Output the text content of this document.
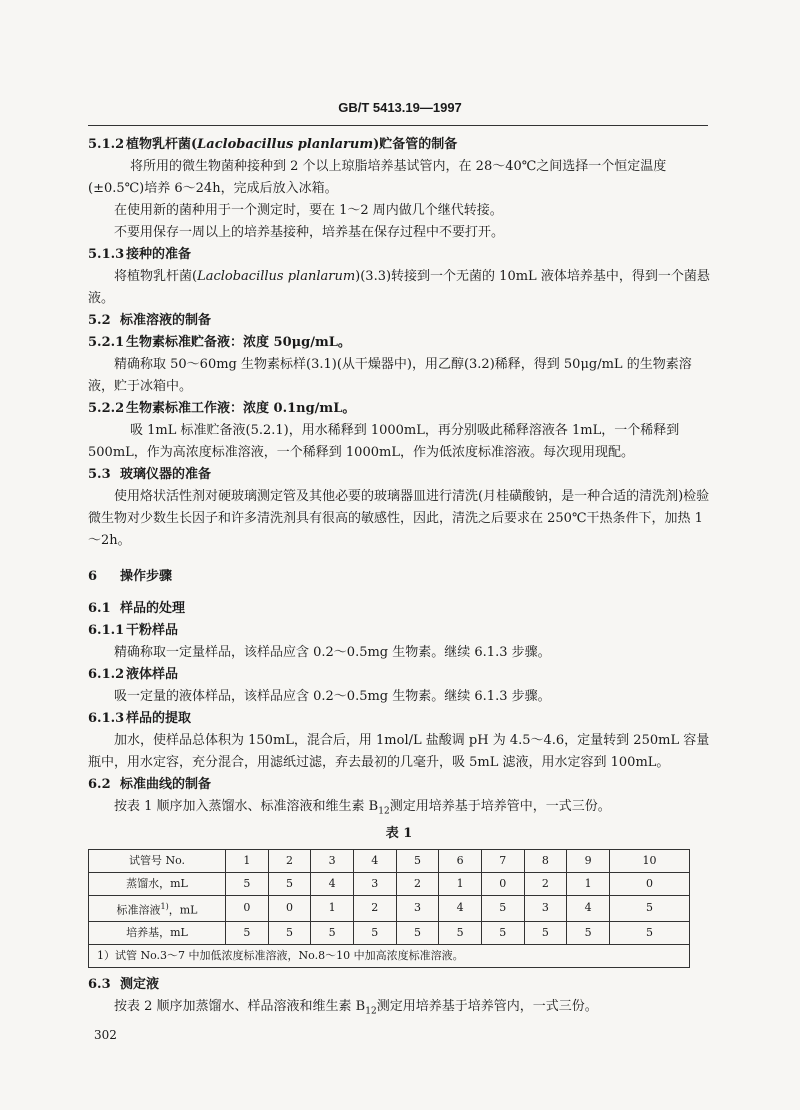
GB/T 5413.19—1997

5.1.2 植物乳杆菌(Laclobacillus planlarum)贮备管的制备

将所用的微生物菌种接种到 2 个以上琼脂培养基试管内，在 28～40℃之间选择一个恒定温度(±0.5℃)培养 6～24h，完成后放入冰箱。

在使用新的菌种用于一个测定时，要在 1～2 周内做几个继代转接。

不要用保存一周以上的培养基接种，培养基在保存过程中不要打开。

5.1.3 接种的准备

将植物乳杆菌(Laclobacillus planlarum)(3.3)转接到一个无菌的 10mL 液体培养基中，得到一个菌悬液。

5.2 标准溶液的制备

5.2.1 生物素标准贮备液：浓度 50μg/mL。

精确称取 50～60mg 生物素标样(3.1)(从干燥器中)，用乙醇(3.2)稀释，得到 50μg/mL 的生物素溶液，贮于冰箱中。

5.2.2 生物素标准工作液：浓度 0.1ng/mL。

吸 1mL 标准贮备液(5.2.1)，用水稀释到 1000mL，再分别吸此稀释溶液各 1mL，一个稀释到 500mL，作为高浓度标准溶液，一个稀释到 1000mL，作为低浓度标准溶液。每次现用现配。

5.3 玻璃仪器的准备

使用烙状活性剂对硬玻璃测定管及其他必要的玻璃器皿进行清洗(月桂磺酸钠，是一种合适的清洗剂)检验微生物对少数生长因子和许多清洗剂具有很高的敏感性，因此，清洗之后要求在 250℃干热条件下，加热 1～2h。

6 操作步骤

6.1 样品的处理

6.1.1 干粉样品

精确称取一定量样品，该样品应含 0.2～0.5mg 生物素。继续 6.1.3 步骤。

6.1.2 液体样品

吸一定量的液体样品，该样品应含 0.2～0.5mg 生物素。继续 6.1.3 步骤。

6.1.3 样品的提取

加水，使样品总体积为 150mL，混合后，用 1mol/L 盐酸调 pH 为 4.5～4.6，定量转到 250mL 容量瓶中，用水定容，充分混合，用滤纸过滤，弃去最初的几毫升，吸 5mL 滤液，用水定容到 100mL。

6.2 标准曲线的制备

按表 1 顺序加入蒸馏水、标准溶液和维生素 $B_{12}$测定用培养基于培养管中，一式三份。

表 1

试管号 No.	1	2	3	4	5	6	7	8	9	10
蒸馏水，mL	5	5	4	3	2	1	0	2	1	0
标准溶液$^{1)}$，mL	0	0	1	2	3	4	5	3	4	5
培养基，mL	5	5	5	5	5	5	5	5	5	5
1）试管 No.3～7 中加低浓度标准溶液，No.8～10 中加高浓度标准溶液。										

6.3 测定液

按表 2 顺序加蒸馏水、样品溶液和维生素 $B_{12}$测定用培养基于培养管内，一式三份。

302
